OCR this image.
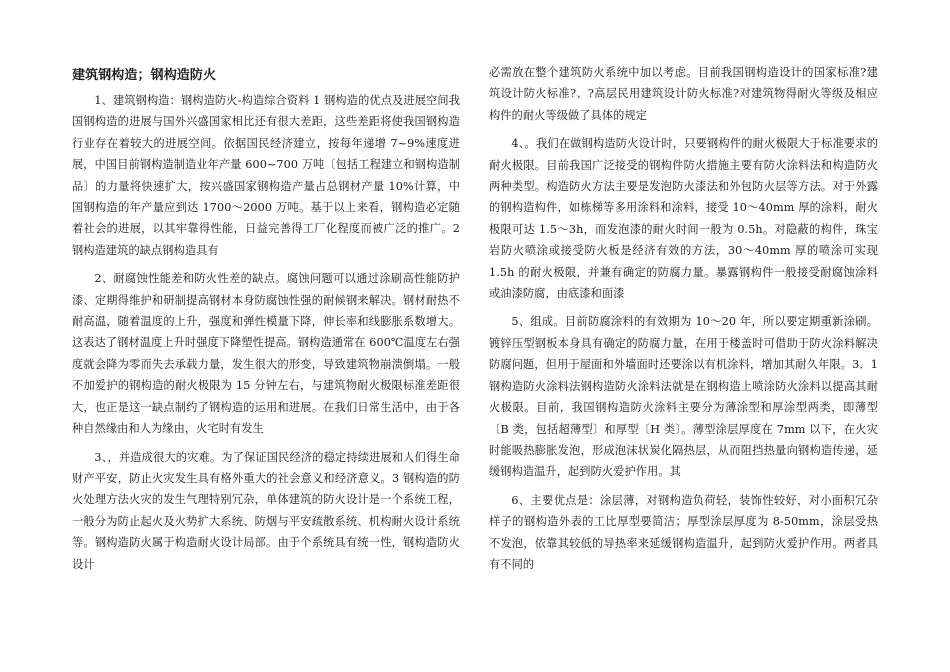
建筑钢构造；钢构造防火

1、建筑钢构造：钢构造防火-构造综合资料 1 钢构造的优点及进展空间我国钢构造的进展与国外兴盛国家相比还有很大差距，这些差距将使我国钢构造行业存在着较大的进展空间。依据国民经济建立，按每年递增 7~9%速度进展，中国目前钢构造制造业年产量 600~700 万吨〔包括工程建立和钢构造制品〕的力量将快速扩大，按兴盛国家钢构造产量占总钢材产量 10%计算，中国钢构造的年产量应到达 1700～2000 万吨。基于以上来看，钢构造必定随着社会的进展，以其牢靠得性能，日益完善得工厂化程度而被广泛的推广。2 钢构造建筑的缺点钢构造具有

2、耐腐蚀性能差和防火性差的缺点。腐蚀问题可以通过涂刷高性能防护漆、定期得维护和研制提高钢材本身防腐蚀性强的耐候钢来解决。钢材耐热不耐高温，随着温度的上升，强度和弹性模量下降，伸长率和线膨胀系数增大。这表达了钢材温度上升时强度下降塑性提高。钢构造通常在 600℃温度左右强度就会降为零而失去承载力量，发生很大的形变，导致建筑物崩溃倒塌。一般不加爱护的钢构造的耐火极限为 15 分钟左右，与建筑物耐火极限标准差距很大，也正是这一缺点制约了钢构造的运用和进展。在我们日常生活中，由于各种自然缘由和人为缘由，火宅时有发生

3、，并造成很大的灾难。为了保证国民经济的稳定持续进展和人们得生命财产平安，防止火灾发生具有格外重大的社会意义和经济意义。3 钢构造的防火处理方法火灾的发生气理特别冗杂，单体建筑的防火设计是一个系统工程，一般分为防止起火及火势扩大系统、防烟与平安疏散系统、机构耐火设计系统等。钢构造防火属于构造耐火设计局部。由于个系统具有统一性，钢构造防火设计

必需放在整个建筑防火系统中加以考虑。目前我国钢构造设计的国家标准?建筑设计防火标准?、?高层民用建筑设计防火标准?对建筑物得耐火等级及相应构件的耐火等级做了具体的规定

4、。我们在做钢构造防火设计时，只要钢构件的耐火极限大于标准要求的耐火极限。目前我国广泛接受的钢构件防火措施主要有防火涂料法和构造防火两种类型。构造防火方法主要是发泡防火漆法和外包防火层等方法。对于外露的钢构造构件，如栋梯等多用涂料和涂料，接受 10～40mm 厚的涂料，耐火极限可达 1.5～3h，而发泡漆的耐火时间一般为 0.5h。对隐蔽的构件，珠宝岩防火喷涂或接受防火板是经济有效的方法，30～40mm 厚的喷涂可实现 1.5h 的耐火极限，并兼有确定的防腐力量。暴露钢构件一般接受耐腐蚀涂料或油漆防腐，由底漆和面漆

5、组成。目前防腐涂料的有效期为 10～20 年，所以要定期重新涂刷。镀锌压型钢板本身具有确定的防腐力量，在用于楼盖时可借助于防火涂料解决防腐问题，但用于屋面和外墙面时还要涂以有机涂料，增加其耐久年限。3．1 钢构造防火涂料法钢构造防火涂料法就是在钢构造上喷涂防火涂料以提高其耐火极限。目前，我国钢构造防火涂料主要分为薄涂型和厚涂型两类，即薄型〔B 类，包括超薄型〕和厚型〔H 类〕。薄型涂层厚度在 7mm 以下，在火灾时能吸热膨胀发泡，形成泡沫状炭化隔热层，从而阻挡热量向钢构造传递，延缓钢构造温升，起到防火爱护作用。其

6、主要优点是：涂层薄，对钢构造负荷轻，装饰性较好，对小面积冗杂样子的钢构造外表的工比厚型要简洁；厚型涂层厚度为 8-50mm，涂层受热不发泡，依靠其较低的导热率来延缓钢构造温升，起到防火爱护作用。两者具有不同的
